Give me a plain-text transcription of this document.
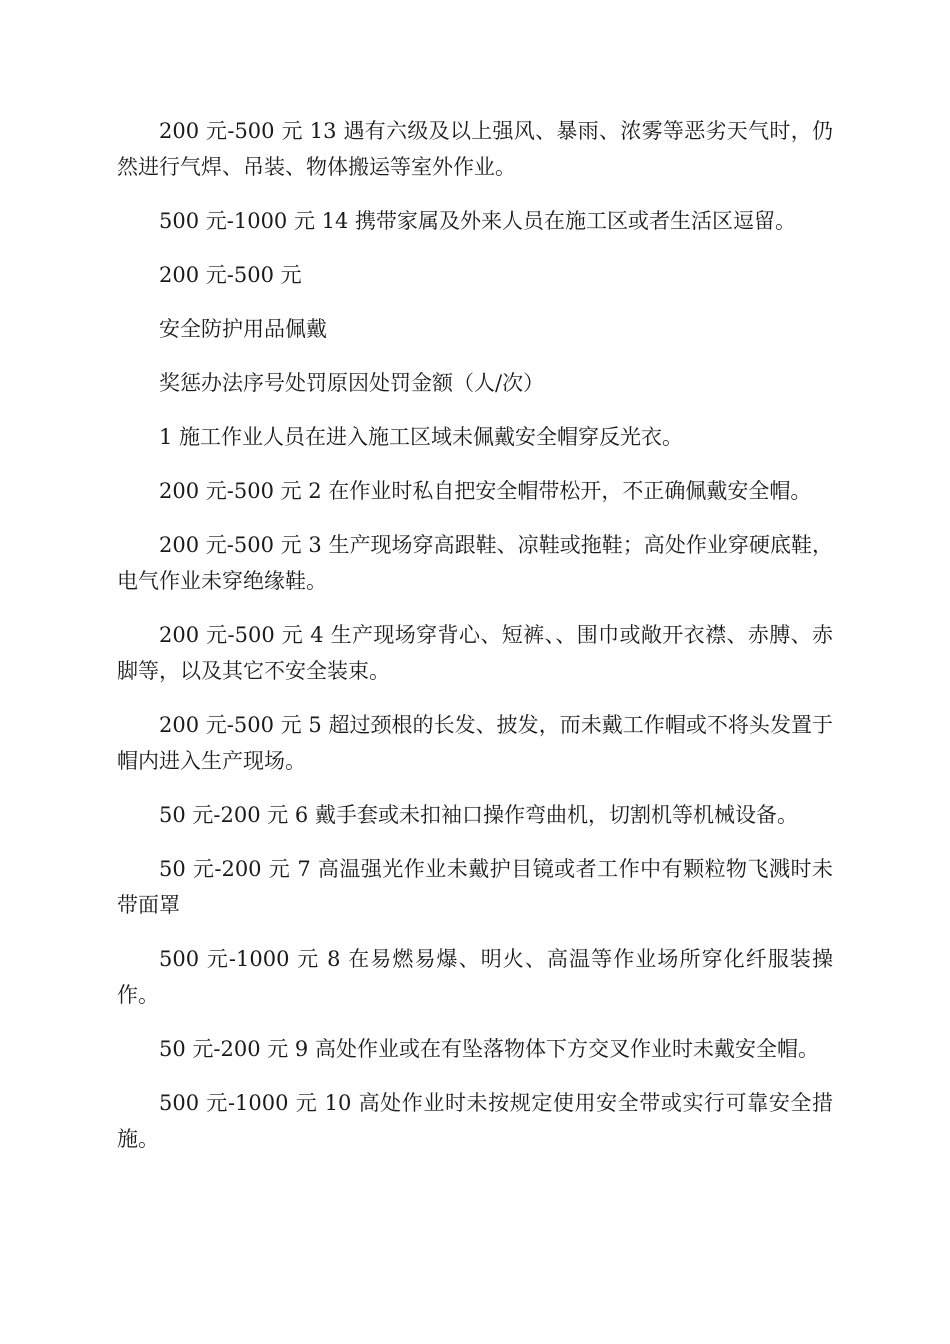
200 元-500 元 13 遇有六级及以上强风、暴雨、浓雾等恶劣天气时，仍然进行气焊、吊装、物体搬运等室外作业。

500 元-1000 元 14 携带家属及外来人员在施工区或者生活区逗留。

200 元-500 元

安全防护用品佩戴

奖惩办法序号处罚原因处罚金额（人/次）

1 施工作业人员在进入施工区域未佩戴安全帽穿反光衣。

200 元-500 元 2 在作业时私自把安全帽带松开，不正确佩戴安全帽。

200 元-500 元 3 生产现场穿高跟鞋、凉鞋或拖鞋；高处作业穿硬底鞋，电气作业未穿绝缘鞋。

200 元-500 元 4 生产现场穿背心、短裤、、围巾或敞开衣襟、赤膊、赤脚等，以及其它不安全装束。

200 元-500 元 5 超过颈根的长发、披发，而未戴工作帽或不将头发置于帽内进入生产现场。

50 元-200 元 6 戴手套或未扣袖口操作弯曲机，切割机等机械设备。

50 元-200 元 7 高温强光作业未戴护目镜或者工作中有颗粒物飞溅时未带面罩

500 元-1000 元 8 在易燃易爆、明火、高温等作业场所穿化纤服装操作。

50 元-200 元 9 高处作业或在有坠落物体下方交叉作业时未戴安全帽。

500 元-1000 元 10 高处作业时未按规定使用安全带或实行可靠安全措施。
